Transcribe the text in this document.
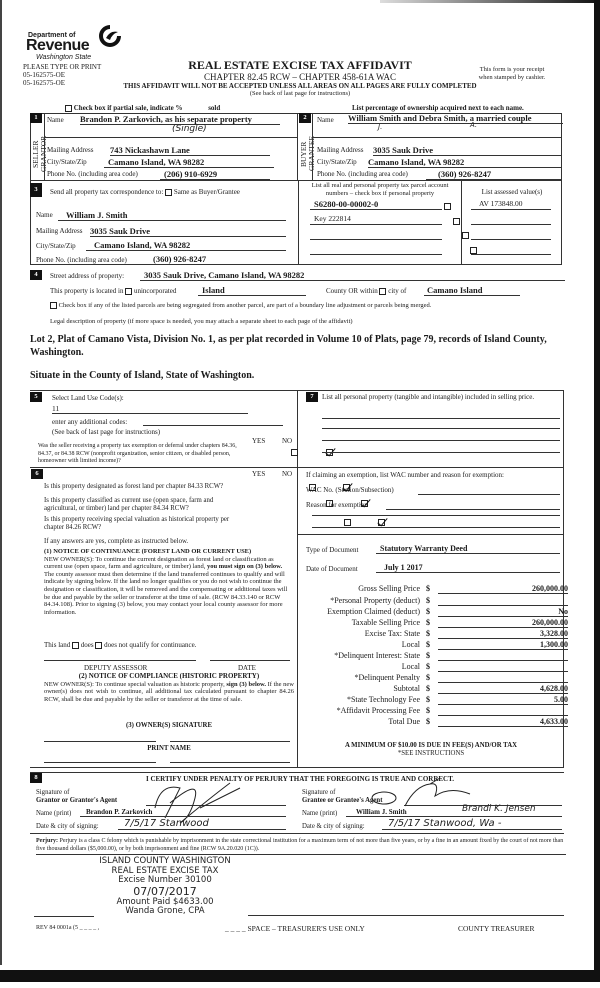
Department of
Revenue
Washington State
PLEASE TYPE OR PRINT
05-162575-OE
05-162575-OE
REAL ESTATE EXCISE TAX AFFIDAVIT
CHAPTER 82.45 RCW – CHAPTER 458-61A WAC
This form is your receipt
when stamped by cashier.
THIS AFFIDAVIT WILL NOT BE ACCEPTED UNLESS ALL AREAS ON ALL PAGES ARE FULLY COMPLETED
(See back of last page for instructions)
Check box if partial sale, indicate %	sold	List percentage of ownership acquired next to each name.
1
SELLER
Name Brandon P. Zarkovich, as his separate property
(Single)
Mailing Address 743 Nickashawn Lane
City/State/Zip	Camano Island, WA 98282
Phone No. (including area code)	(206) 910-6929
2
BUYER
Name William Smith and Debra Smith, a married couple
J.	A.
Mailing Address 3035 Sauk Drive
City/State/Zip Camano Island, WA 98282
Phone No. (including area code)	(360) 926-8247
3	Send all property tax correspondence to: Same as Buyer/Grantee
Name	William J. Smith
Mailing Address 3035 Sauk Drive
City/State/Zip	Camano Island, WA 98282
Phone No. (including area code)	(360) 926-8247
List all real and personal property tax parcel account numbers – check box if personal property	List assessed value(s)
S6280-00-00002-0
	AV 173848.00
Key 222814

4	Street address of property:	3035 Sauk Drive, Camano Island, WA 98282
This property is located in unincorporated	Island	County OR within city of	Camano Island
Check box if any of the listed parcels are being segregated from another parcel, are part of a boundary line adjustment or parcels being merged.
Legal description of property (if more space is needed, you may attach a separate sheet to each page of the affidavit)
Lot 2, Plat of Camano Vista, Division No. 1, as per plat recorded in Volume 10 of Plats, page 79, records of Island County, Washington.
Situate in the County of Island, State of Washington.
5	Select Land Use Code(s):
11
enter any additional codes:
(See back of last page for instructions)
YES NO
Was the seller receiving a property tax exemption or deferral under chapters 84.36, 84.37, or 84.38 RCW (nonprofit organization, senior citizen, or disabled person, homeowner with limited income)?

6	YES NO
Is this property designated as forest land per chapter 84.33 RCW?

Is this property classified as current use (open space, farm and agricultural, or timber) land per chapter 84.34 RCW?

Is this property receiving special valuation as historical property per chapter 84.26 RCW?

If any answers are yes, complete as instructed below.
(1) NOTICE OF CONTINUANCE (FOREST LAND OR CURRENT USE)
NEW OWNER(S): To continue the current designation as forest land or classification as current use (open space, farm and agriculture, or timber) land, you must sign on (3) below. The county assessor must then determine if the land transferred continues to qualify and will indicate by signing below. If the land no longer qualifies or you do not wish to continue the designation or classification, it will be removed and the compensating or additional taxes will be due and payable by the seller or transferor at the time of sale. (RCW 84.33.140 or RCW 84.34.108). Prior to signing (3) below, you may contact your local county assessor for more information.
This land does does not qualify for continuance.
DEPUTY ASSESSOR	DATE
(2) NOTICE OF COMPLIANCE (HISTORIC PROPERTY)
NEW OWNER(S): To continue special valuation as historic property, sign (3) below. If the new owner(s) does not wish to continue, all additional tax calculated pursuant to chapter 84.26 RCW, shall be due and payable by the seller or transferor at the time of sale.
(3) OWNER(S) SIGNATURE
PRINT NAME
7	List all personal property (tangible and intangible) included in selling price.
If claiming an exemption, list WAC number and reason for exemption:
WAC No. (Section/Subsection)
Reason for exemption
Type of Document	Statutory Warranty Deed
Date of Document	July 1 2017
Gross Selling Price $	260,000.00
*Personal Property (deduct) $
Exemption Claimed (deduct) $	No
Taxable Selling Price $	260,000.00
Excise Tax: State $	3,328.00
Local $	1,300.00
*Delinquent Interest: State $
Local $
*Delinquent Penalty $
Subtotal $	4,628.00
*State Technology Fee $	5.00
*Affidavit Processing Fee $
Total Due $	4,633.00
A MINIMUM OF $10.00 IS DUE IN FEE(S) AND/OR TAX
*SEE INSTRUCTIONS
8	I CERTIFY UNDER PENALTY OF PERJURY THAT THE FOREGOING IS TRUE AND CORRECT.
Signature of
Grantor or Grantor's Agent
Name (print)	Brandon P. Zarkovich
Date & city of signing:	7/5/17 Stanwood
Signature of
Grantee or Grantee's Agent
Name (print)	William J. Smith	Brandi K. Jensen
Date & city of signing:	7/5/17 Stanwood, Wa -
Perjury: Perjury is a class C felony which is punishable by imprisonment in the state correctional institution for a maximum term of not more than five years, or by a fine in an amount fixed by the court of not more than five thousand dollars ($5,000.00), or by both imprisonment and fine (RCW 9A.20.020 (1C)).
ISLAND COUNTY WASHINGTON
REAL ESTATE EXCISE TAX
Excise Number 30100
07/07/2017
Amount Paid $4633.00
Wanda Grone, CPA
REV 84 0001a (5 _ _ _ _ ,	_ _ _ _ SPACE – TREASURER'S USE ONLY	COUNTY TREASURER
